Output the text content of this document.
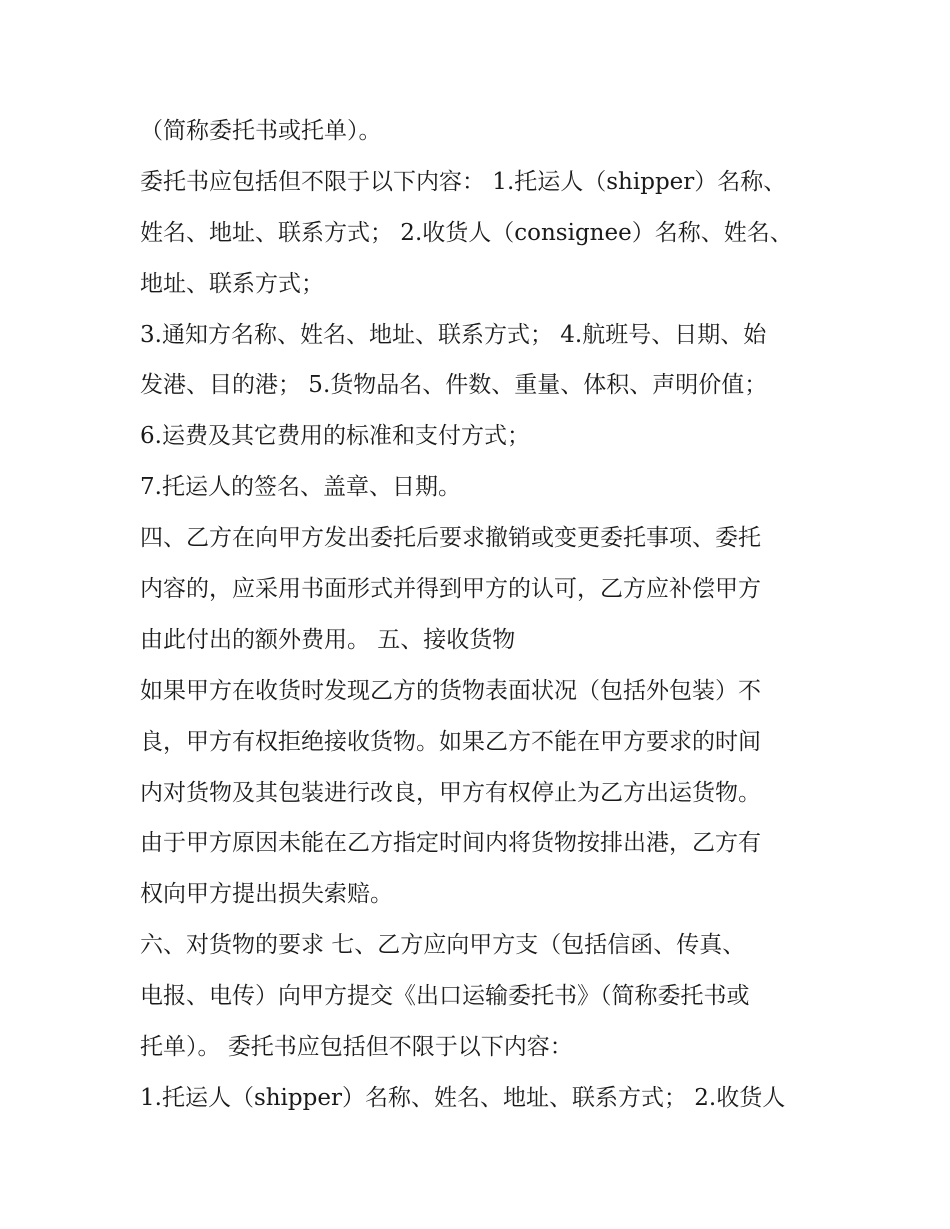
（简称委托书或托单）。
委托书应包括但不限于以下内容： 1.托运人（shipper）名称、
姓名、地址、联系方式； 2.收货人（consignee）名称、姓名、
地址、联系方式；
3.通知方名称、姓名、地址、联系方式； 4.航班号、日期、始
发港、目的港； 5.货物品名、件数、重量、体积、声明价值；
6.运费及其它费用的标准和支付方式；
7.托运人的签名、盖章、日期。
四、乙方在向甲方发出委托后要求撤销或变更委托事项、委托
内容的，应采用书面形式并得到甲方的认可，乙方应补偿甲方
由此付出的额外费用。 五、接收货物
如果甲方在收货时发现乙方的货物表面状况（包括外包装）不
良，甲方有权拒绝接收货物。如果乙方不能在甲方要求的时间
内对货物及其包装进行改良，甲方有权停止为乙方出运货物。
由于甲方原因未能在乙方指定时间内将货物按排出港，乙方有
权向甲方提出损失索赔。
六、对货物的要求 七、乙方应向甲方支（包括信函、传真、
电报、电传）向甲方提交《出口运输委托书》（简称委托书或
托单）。 委托书应包括但不限于以下内容：
1.托运人（shipper）名称、姓名、地址、联系方式； 2.收货人
